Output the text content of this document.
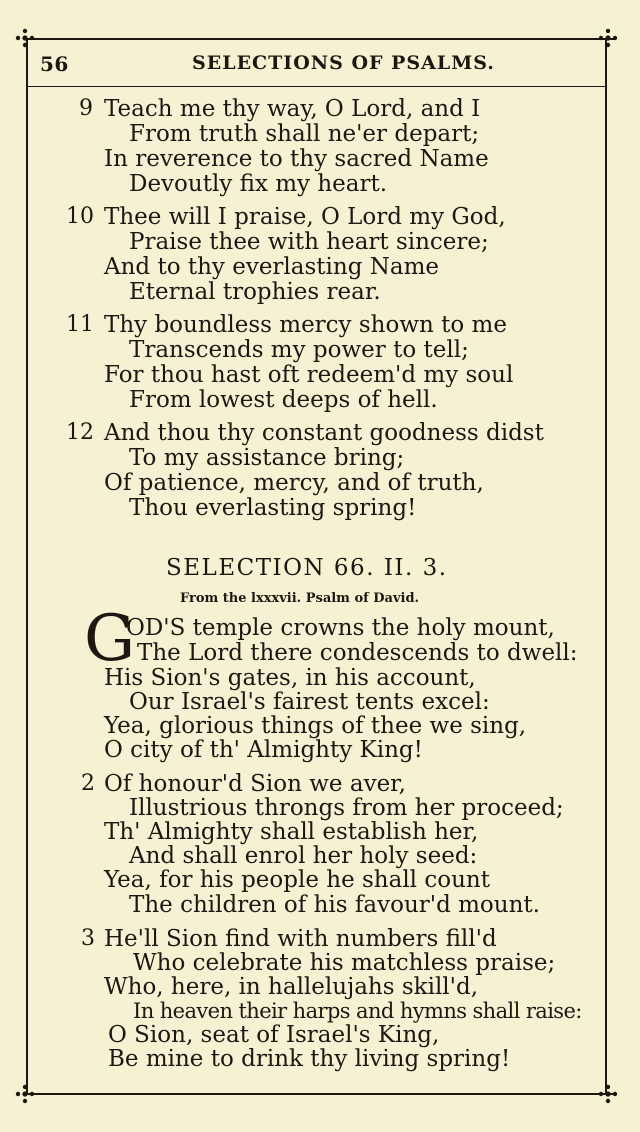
56	SELECTIONS OF PSALMS.
9 Teach me thy way, O Lord, and I
From truth shall ne'er depart;
In reverence to thy sacred Name
Devoutly fix my heart.
10 Thee will I praise, O Lord my God,
Praise thee with heart sincere;
And to thy everlasting Name
Eternal trophies rear.
11 Thy boundless mercy shown to me
Transcends my power to tell;
For thou hast oft redeem'd my soul
From lowest deeps of hell.
12 And thou thy constant goodness didst
To my assistance bring;
Of patience, mercy, and of truth,
Thou everlasting spring!
SELECTION 66. II. 3.
From the lxxxvii. Psalm of David.
G
OD'S temple crowns the holy mount,
The Lord there condescends to dwell:
His Sion's gates, in his account,
Our Israel's fairest tents excel:
Yea, glorious things of thee we sing,
O city of th' Almighty King!
2 Of honour'd Sion we aver,
Illustrious throngs from her proceed;
Th' Almighty shall establish her,
And shall enrol her holy seed:
Yea, for his people he shall count
The children of his favour'd mount.
3 He'll Sion find with numbers fill'd
Who celebrate his matchless praise;
Who, here, in hallelujahs skill'd,
In heaven their harps and hymns shall raise:
O Sion, seat of Israel's King,
Be mine to drink thy living spring!
